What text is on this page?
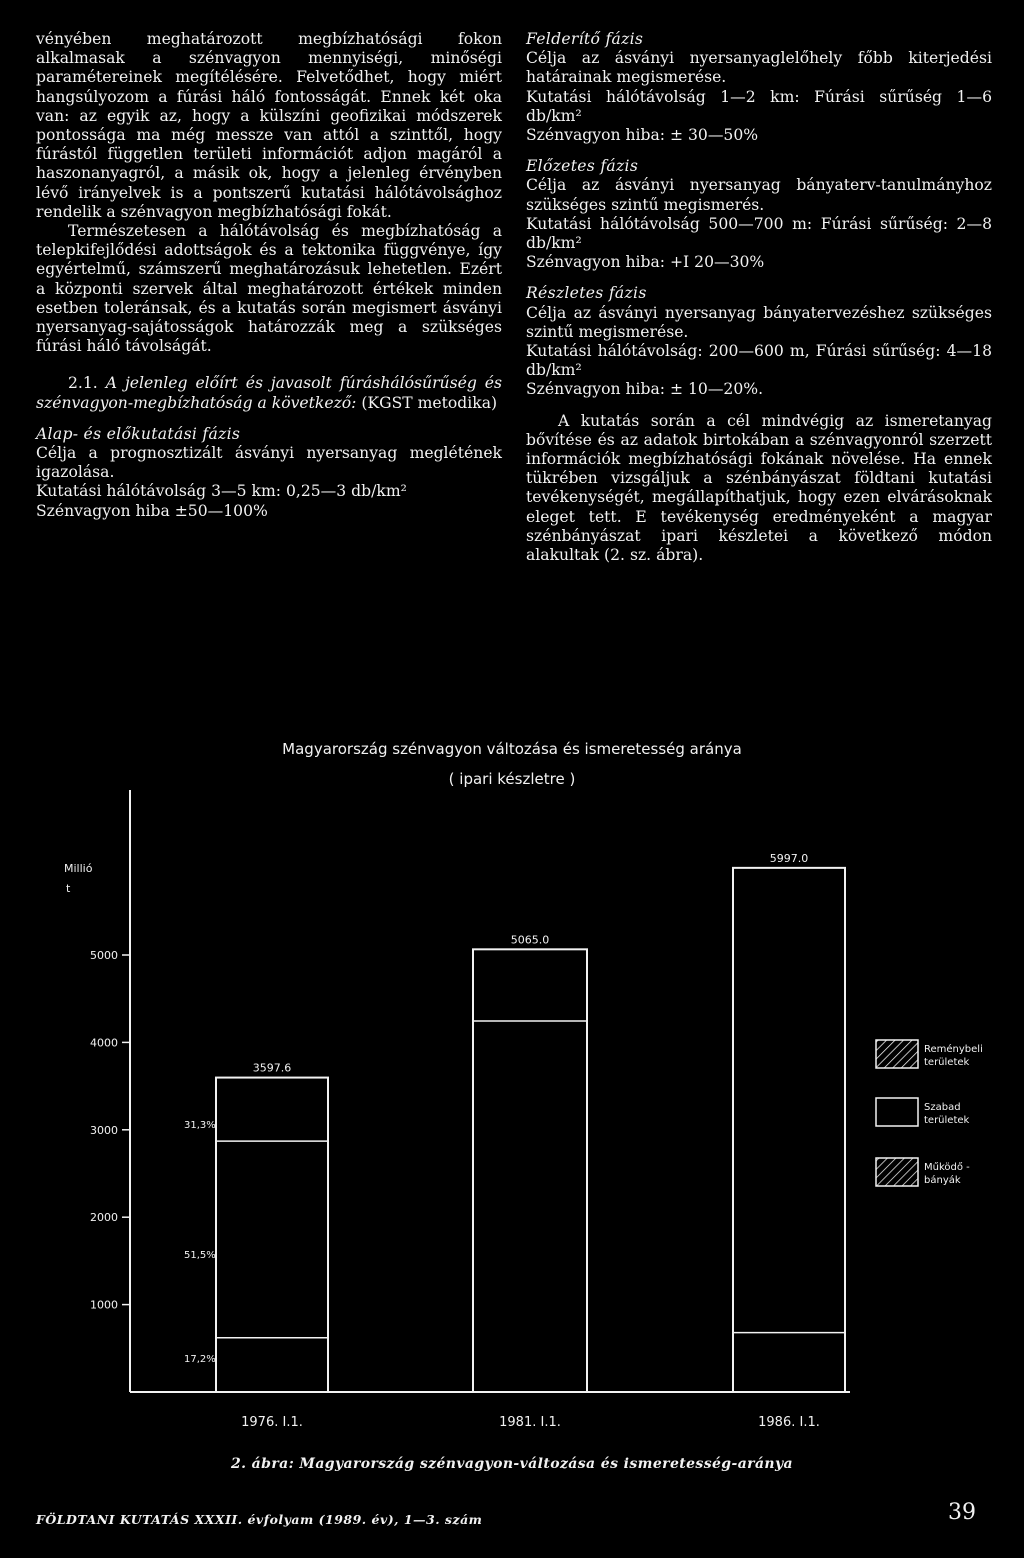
vényében meghatározott megbízhatósági fokon alkalmasak a szénvagyon mennyiségi, minőségi paramétereinek megítélésére. Felvetődhet, hogy miért hangsúlyozom a fúrási háló fontosságát. Ennek két oka van: az egyik az, hogy a külszíni geofizikai módszerek pontossága ma még messze van attól a szinttől, hogy fúrástól független területi információt adjon magáról a haszonanyagról, a másik ok, hogy a jelenleg érvényben lévő irányelvek is a pontszerű kutatási hálótávolsághoz rendelik a szénvagyon megbízhatósági fokát.

Természetesen a hálótávolság és megbízhatóság a telepkifejlődési adottságok és a tektonika függvénye, így egyértelmű, számszerű meghatározásuk lehetetlen. Ezért a központi szervek által meghatározott értékek minden esetben toleránsak, és a kutatás során megismert ásványi nyersanyag-sajátosságok határozzák meg a szükséges fúrási háló távolságát.

2.1. A jelenleg előírt és javasolt fúráshálósűrűség és szénvagyon-megbízhatóság a következő: (KGST metodika)

Alap- és előkutatási fázis

Célja a prognosztizált ásványi nyersanyag meglétének igazolása.

Kutatási hálótávolság 3—5 km: 0,25—3 db/km²

Szénvagyon hiba ±50—100%

Felderítő fázis

Célja az ásványi nyersanyaglelőhely főbb kiterjedési határainak megismerése.

Kutatási hálótávolság 1—2 km: Fúrási sűrűség 1—6 db/km²

Szénvagyon hiba: ± 30—50%

Előzetes fázis

Célja az ásványi nyersanyag bányaterv-tanulmányhoz szükséges szintű megismerés.

Kutatási hálótávolság 500—700 m: Fúrási sűrűség: 2—8 db/km²

Szénvagyon hiba: +I 20—30%

Részletes fázis

Célja az ásványi nyersanyag bányatervezéshez szükséges szintű megismerése.

Kutatási hálótávolság: 200—600 m, Fúrási sűrűség: 4—18 db/km²

Szénvagyon hiba: ± 10—20%.

A kutatás során a cél mindvégig az ismeretanyag bővítése és az adatok birtokában a szénvagyonról szerzett információk megbízhatósági fokának növelése. Ha ennek tükrében vizsgáljuk a szénbányászat földtani kutatási tevékenységét, megállapíthatjuk, hogy ezen elvárásoknak eleget tett. E tevékenység eredményeként a magyar szénbányászat ipari készletei a következő módon alakultak (2. sz. ábra).

Magyarország szénvagyon változása és ismeretesség aránya
( ipari készletre )
Millió
t
1000
2000
3000
4000
5000
3597.6
1976. I.1.
5065.0
1981. I.1.
5997.0
1986. I.1.
31,3%
51,5%
17,2%
Reménybeli
területek
Szabad
területek
Működő -
bányák
2. ábra: Magyarország szénvagyon-változása és ismeretesség-aránya
FÖLDTANI KUTATÁS XXXII. évfolyam (1989. év), 1—3. szám	39
